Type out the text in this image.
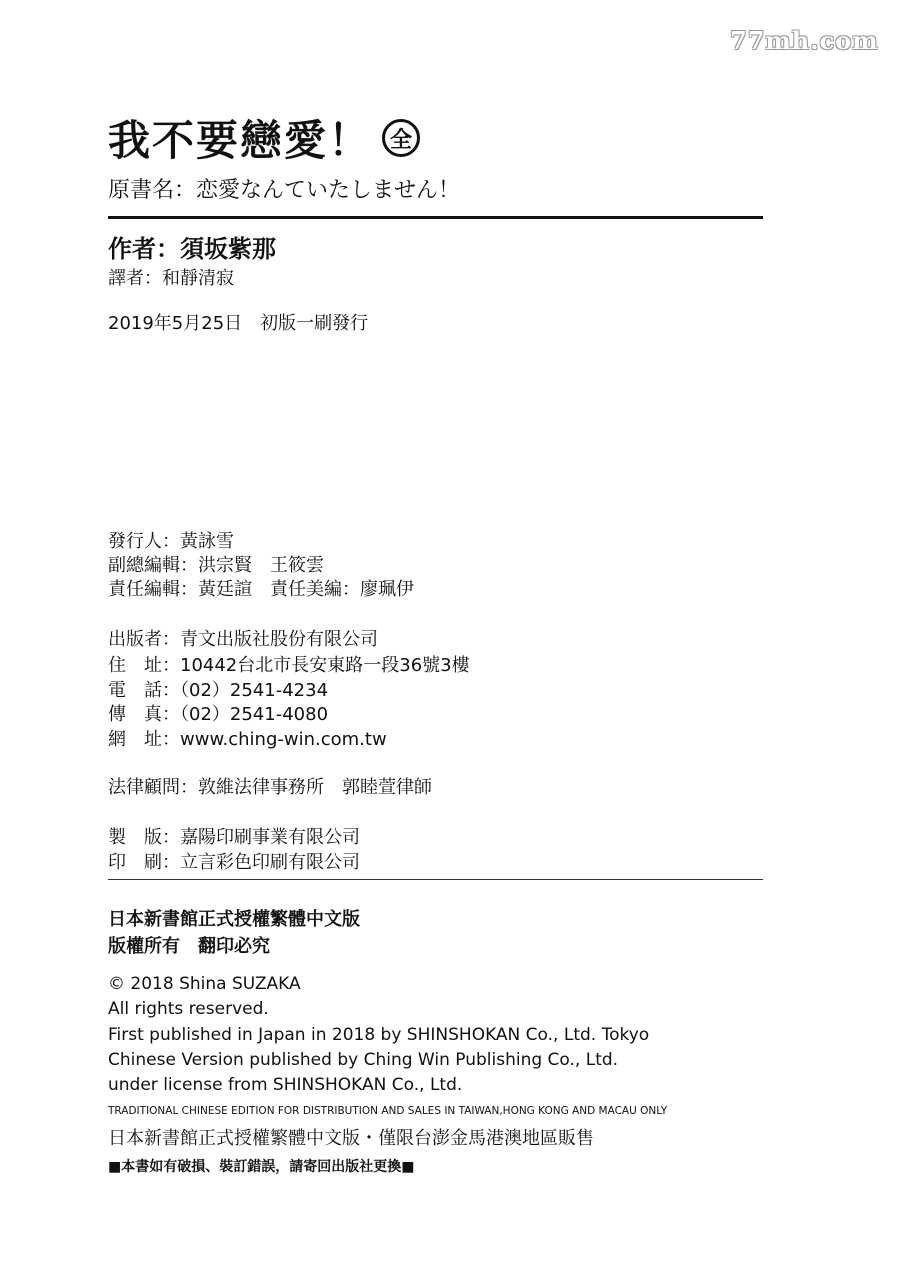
77mh.com
我不要戀愛！ 全
原書名：恋愛なんていたしません！
作者：須坂紫那
譯者：和靜清寂
2019年5月25日　初版一刷發行
發行人：黃詠雪
副總編輯：洪宗賢　王筱雲
責任編輯：黃廷諠　責任美編：廖珮伊
出版者：青文出版社股份有限公司
住　址：10442台北市長安東路一段36號3樓
電　話：（02）2541-4234
傳　真：（02）2541-4080
網　址：www.ching-win.com.tw
法律顧問：敦維法律事務所　郭睦萱律師
製　版：嘉陽印刷事業有限公司
印　刷：立言彩色印刷有限公司
日本新書館正式授權繁體中文版
版權所有　翻印必究
© 2018 Shina SUZAKA
All rights reserved.
First published in Japan in 2018 by SHINSHOKAN Co., Ltd. Tokyo
Chinese Version published by Ching Win Publishing Co., Ltd.
under license from SHINSHOKAN Co., Ltd.
TRADITIONAL CHINESE EDITION FOR DISTRIBUTION AND SALES IN TAIWAN,HONG KONG AND MACAU ONLY
日本新書館正式授權繁體中文版・僅限台澎金馬港澳地區販售
■本書如有破損、裝訂錯誤，請寄回出版社更換■
